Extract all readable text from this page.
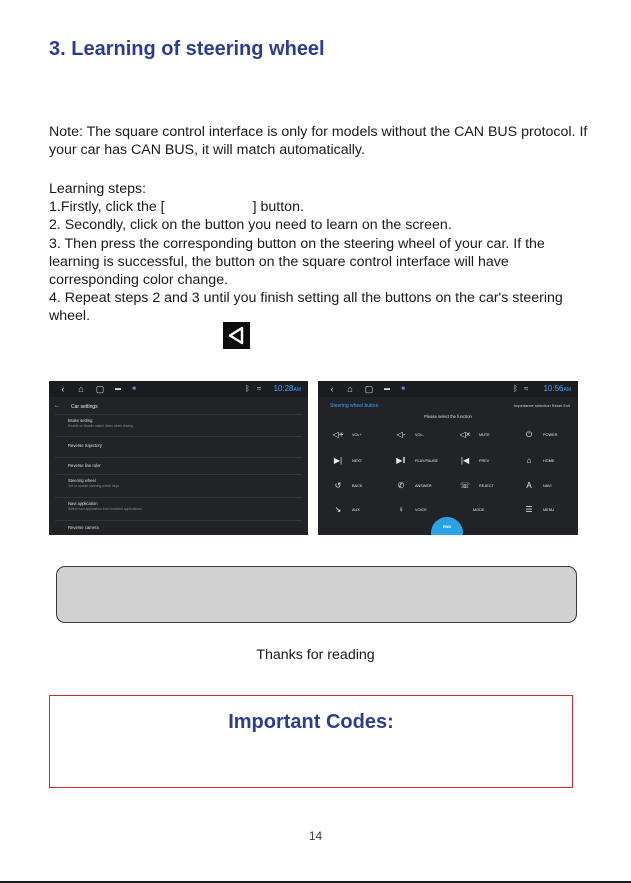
3. Learning of steering wheel
Note: The square control interface is only for models without the CAN BUS protocol. If your car has CAN BUS, it will match automatically.
Learning steps:
1.Firstly, click the [	] button.
2. Secondly, click on the button you need to learn on the screen.
3. Then press the corresponding button on the steering wheel of your car. If the learning is successful, the button on the square control interface will have corresponding color change.
4. Repeat steps 2 and 3 until you finish setting all the buttons on the car's steering wheel.
‹	⌂ ▢	▬	■	ᛒ ≈ 10:28AM
← Car settings
Brake setting
Enable or disable watch video when driving
Reverse trajectory
Reverse line ruler
Steering wheel
Set or update steering wheel keys
Navi application
Select navi application from installed applications
Reverse camera
‹	⌂ ▢	▬	■	ᛒ ≈ 10:56AM
Steering wheel button	Impedance selection Reset Exit
Please select the function
◁+ VOL+	◁-	VOL-	◁× MUTE	⏻	POWER
▶|	NEXT	▶‖	PLAY/PAUSE	|◀	PREV	⌂	HOME
↺	BACK	✆	ANSWER	☏ REJECT	A	NAVI
↘	AUX	♀	VOICE	MODE	☰	MENU
END
Thanks for reading
Important Codes:
14
